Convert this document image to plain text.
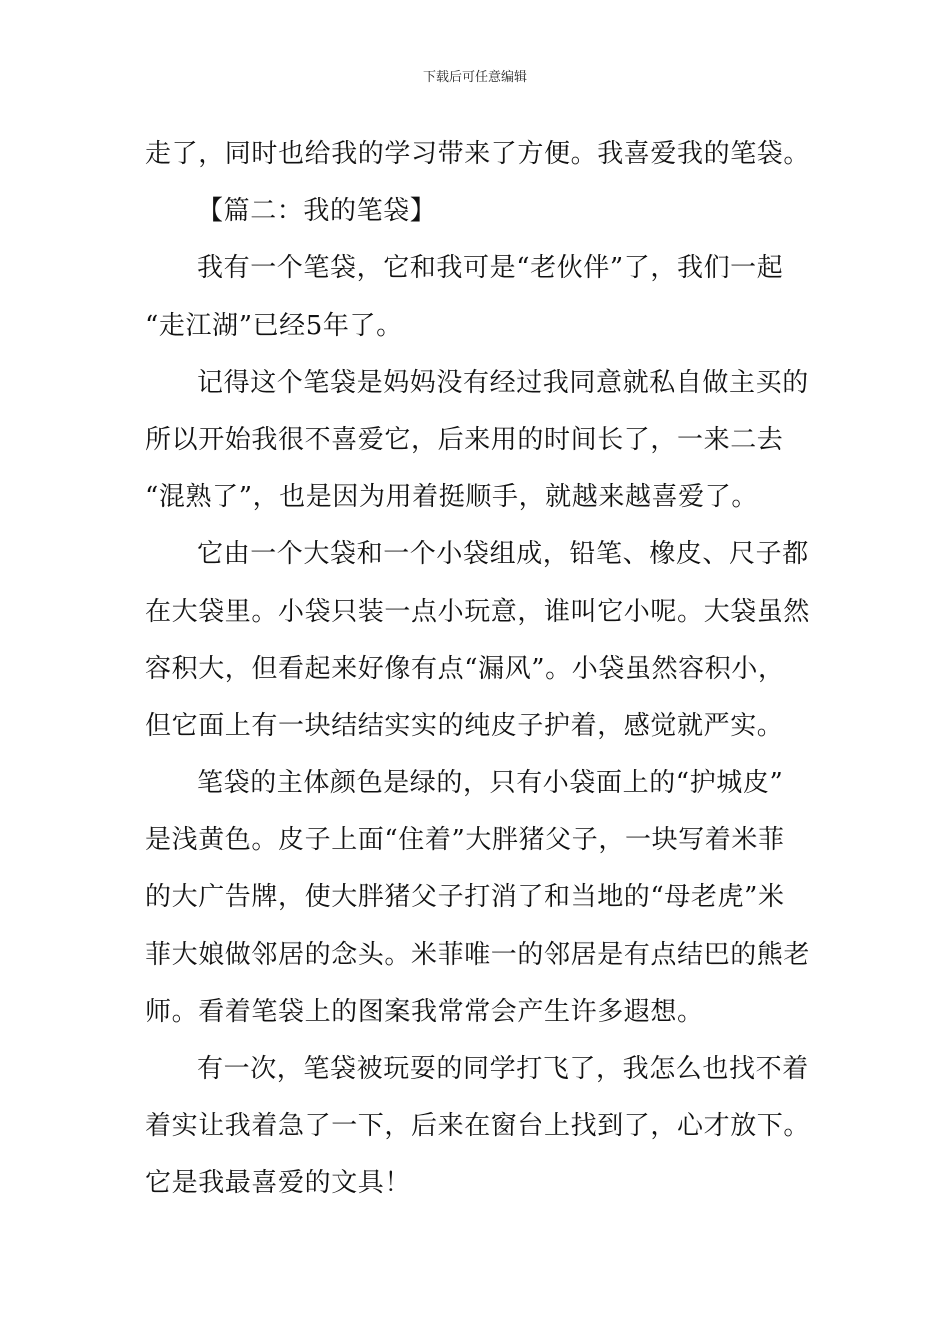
下载后可任意编辑
走了，同时也给我的学习带来了方便。我喜爱我的笔袋。
【篇二：我的笔袋】
我有一个笔袋，它和我可是“老伙伴”了，我们一起
“走江湖”已经5年了。
记得这个笔袋是妈妈没有经过我同意就私自做主买的
所以开始我很不喜爱它，后来用的时间长了，一来二去
“混熟了”，也是因为用着挺顺手，就越来越喜爱了。
它由一个大袋和一个小袋组成，铅笔、橡皮、尺子都
在大袋里。小袋只装一点小玩意，谁叫它小呢。大袋虽然
容积大，但看起来好像有点“漏风”。小袋虽然容积小，
但它面上有一块结结实实的纯皮子护着，感觉就严实。
笔袋的主体颜色是绿的，只有小袋面上的“护城皮”
是浅黄色。皮子上面“住着”大胖猪父子，一块写着米菲
的大广告牌，使大胖猪父子打消了和当地的“母老虎”米
菲大娘做邻居的念头。米菲唯一的邻居是有点结巴的熊老
师。看着笔袋上的图案我常常会产生许多遐想。
有一次，笔袋被玩耍的同学打飞了，我怎么也找不着
着实让我着急了一下，后来在窗台上找到了，心才放下。
它是我最喜爱的文具！
